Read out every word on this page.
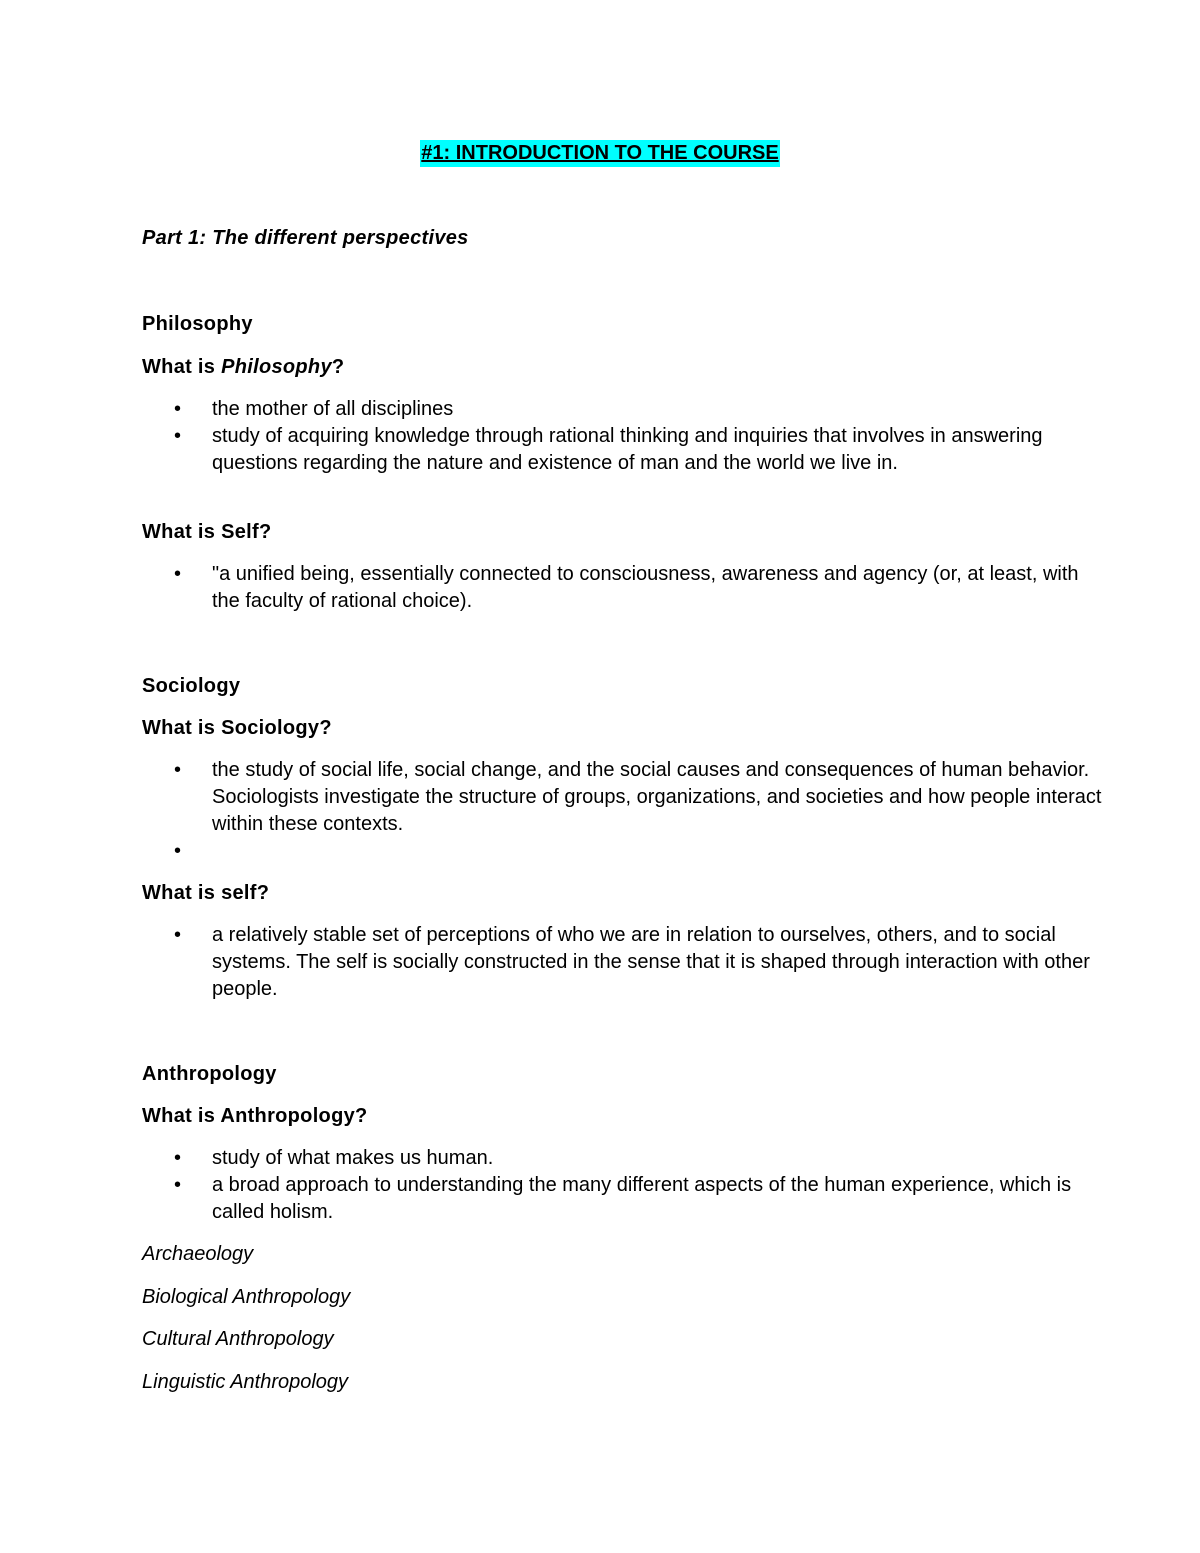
#1: INTRODUCTION TO THE COURSE

Part 1: The different perspectives

Philosophy

What is Philosophy?

• the mother of all disciplines
• study of acquiring knowledge through rational thinking and inquiries that involves in answering questions regarding the nature and existence of man and the world we live in.

What is Self?

• "a unified being, essentially connected to consciousness, awareness and agency (or, at least, with the faculty of rational choice).

Sociology

What is Sociology?

• the study of social life, social change, and the social causes and consequences of human behavior. Sociologists investigate the structure of groups, organizations, and societies and how people interact within these contexts.
•

What is self?

• a relatively stable set of perceptions of who we are in relation to ourselves, others, and to social systems. The self is socially constructed in the sense that it is shaped through interaction with other people.

Anthropology

What is Anthropology?

• study of what makes us human.
• a broad approach to understanding the many different aspects of the human experience, which is called holism.

Archaeology

Biological Anthropology

Cultural Anthropology

Linguistic Anthropology
